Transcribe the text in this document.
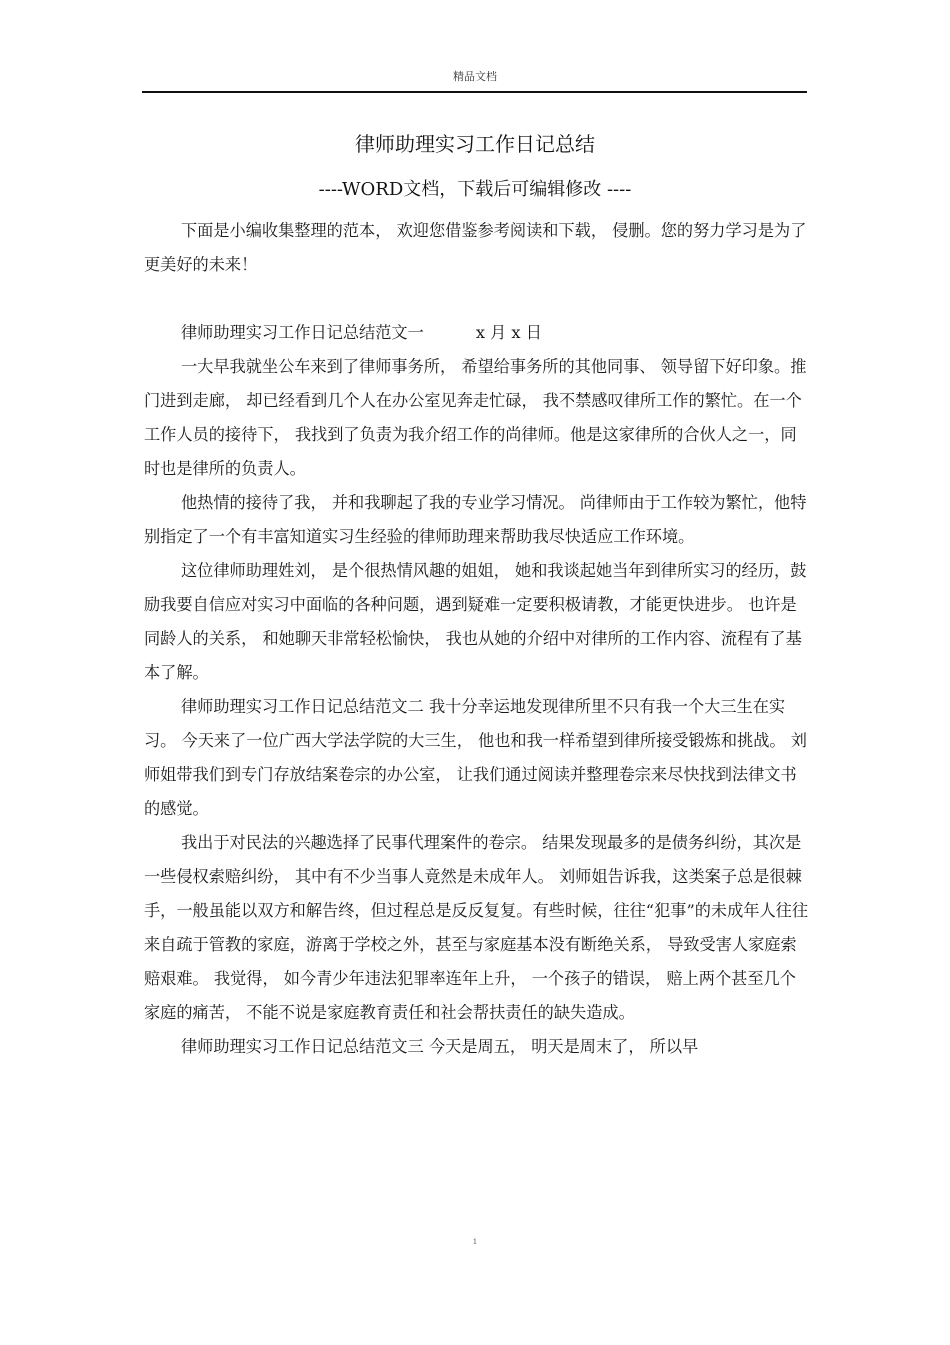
精品文档
律师助理实习工作日记总结
----WORD文档，下载后可编辑修改 ----

下面是小编收集整理的范本， 欢迎您借鉴参考阅读和下载， 侵删。您的努力学习是为了更美好的未来！

律师助理实习工作日记总结范文一	x 月 x 日

一大早我就坐公车来到了律师事务所， 希望给事务所的其他同事、 领导留下好印象。推门进到走廊， 却已经看到几个人在办公室见奔走忙碌， 我不禁感叹律所工作的繁忙。在一个工作人员的接待下， 我找到了负责为我介绍工作的尚律师。他是这家律所的合伙人之一，同时也是律所的负责人。

他热情的接待了我， 并和我聊起了我的专业学习情况。 尚律师由于工作较为繁忙，他特别指定了一个有丰富知道实习生经验的律师助理来帮助我尽快适应工作环境。

这位律师助理姓刘， 是个很热情风趣的姐姐， 她和我谈起她当年到律所实习的经历，鼓励我要自信应对实习中面临的各种问题，遇到疑难一定要积极请教，才能更快进步。 也许是同龄人的关系， 和她聊天非常轻松愉快， 我也从她的介绍中对律所的工作内容、流程有了基本了解。

律师助理实习工作日记总结范文二 我十分幸运地发现律所里不只有我一个大三生在实习。 今天来了一位广西大学法学院的大三生， 他也和我一样希望到律所接受锻炼和挑战。 刘师姐带我们到专门存放结案卷宗的办公室， 让我们通过阅读并整理卷宗来尽快找到法律文书的感觉。

我出于对民法的兴趣选择了民事代理案件的卷宗。 结果发现最多的是债务纠纷，其次是一些侵权索赔纠纷， 其中有不少当事人竟然是未成年人。 刘师姐告诉我，这类案子总是很棘手，一般虽能以双方和解告终，但过程总是反反复复。有些时候，往往“犯事”的未成年人往往来自疏于管教的家庭，游离于学校之外，甚至与家庭基本没有断绝关系， 导致受害人家庭索赔艰难。 我觉得， 如今青少年违法犯罪率连年上升， 一个孩子的错误， 赔上两个甚至几个家庭的痛苦， 不能不说是家庭教育责任和社会帮扶责任的缺失造成。

律师助理实习工作日记总结范文三 今天是周五， 明天是周末了， 所以早

1
